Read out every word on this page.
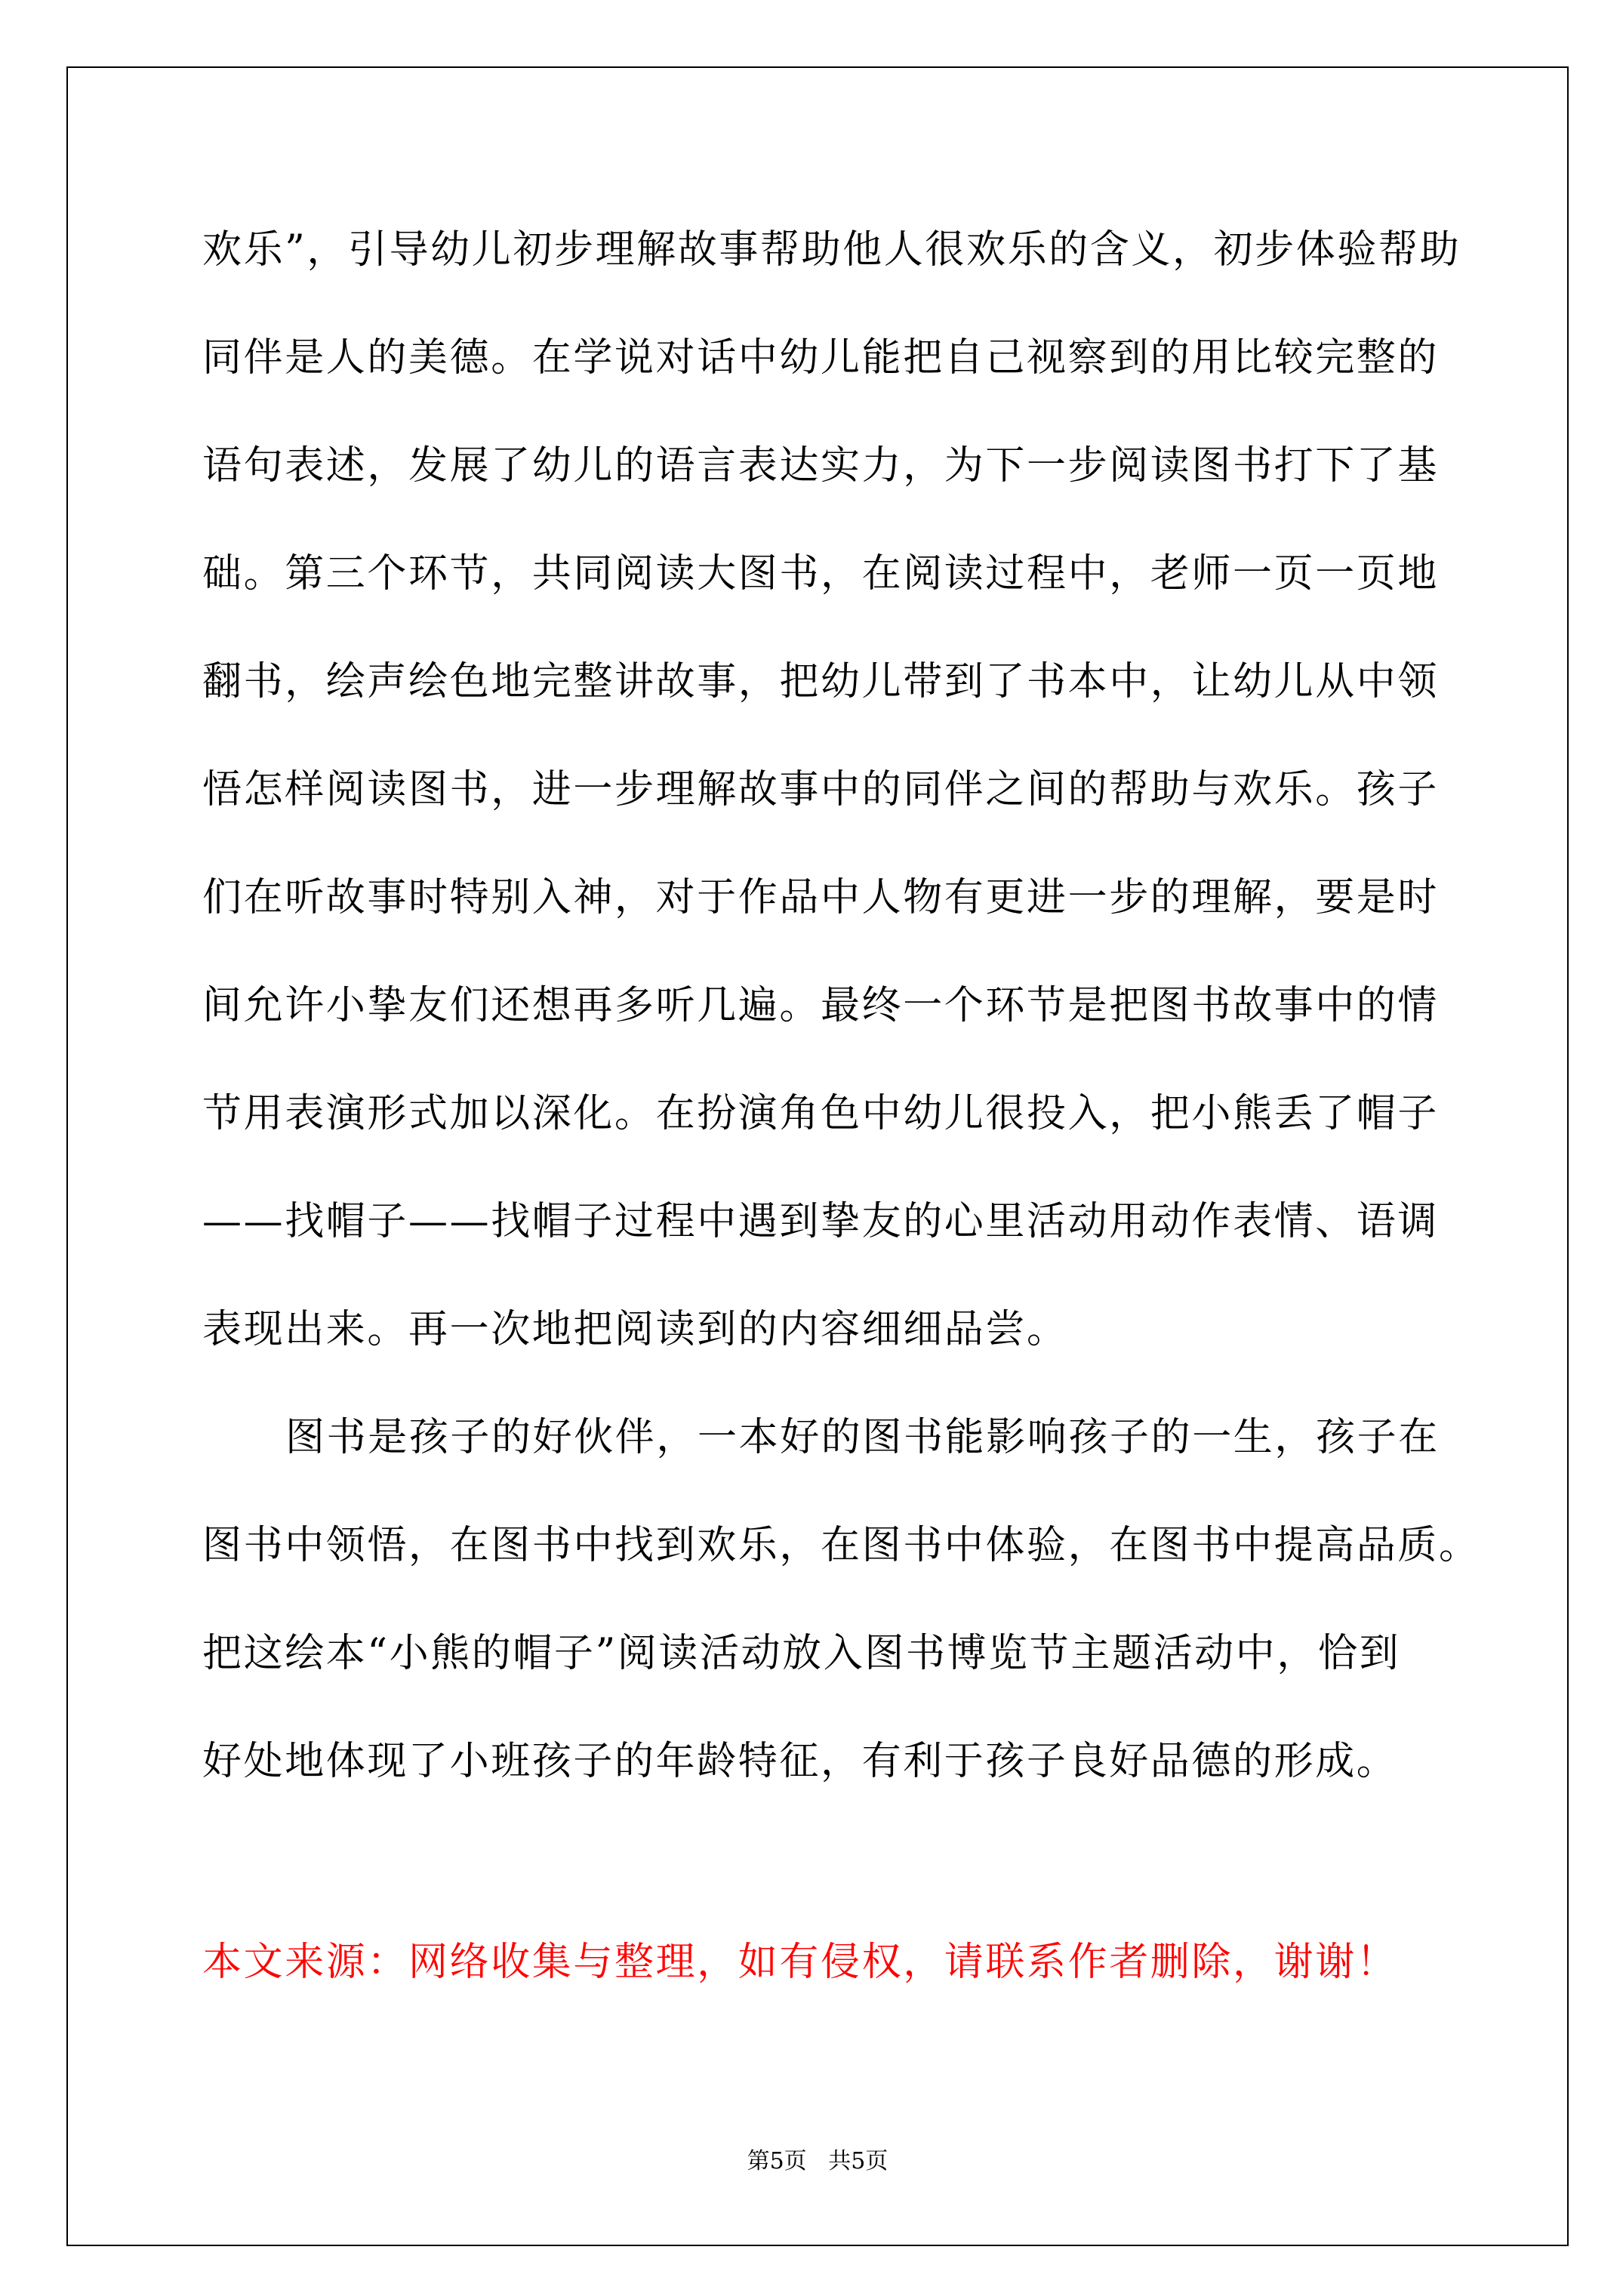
欢乐”，引导幼儿初步理解故事帮助他人很欢乐的含义，初步体验帮助
同伴是人的美德。在学说对话中幼儿能把自己视察到的用比较完整的
语句表述，发展了幼儿的语言表达实力，为下一步阅读图书打下了基
础。第三个环节，共同阅读大图书，在阅读过程中，老师一页一页地
翻书，绘声绘色地完整讲故事，把幼儿带到了书本中，让幼儿从中领
悟怎样阅读图书，进一步理解故事中的同伴之间的帮助与欢乐。孩子
们在听故事时特别入神，对于作品中人物有更进一步的理解，要是时
间允许小挚友们还想再多听几遍。最终一个环节是把图书故事中的情
节用表演形式加以深化。在扮演角色中幼儿很投入，把小熊丢了帽子
——找帽子——找帽子过程中遇到挚友的心里活动用动作表情、语调
表现出来。再一次地把阅读到的内容细细品尝。
图书是孩子的好伙伴，一本好的图书能影响孩子的一生，孩子在
图书中领悟，在图书中找到欢乐，在图书中体验，在图书中提高品质。
把这绘本“小熊的帽子”阅读活动放入图书博览节主题活动中，恰到
好处地体现了小班孩子的年龄特征，有利于孩子良好品德的形成。
本文来源：网络收集与整理，如有侵权，请联系作者删除，谢谢！
第5页   共5页
